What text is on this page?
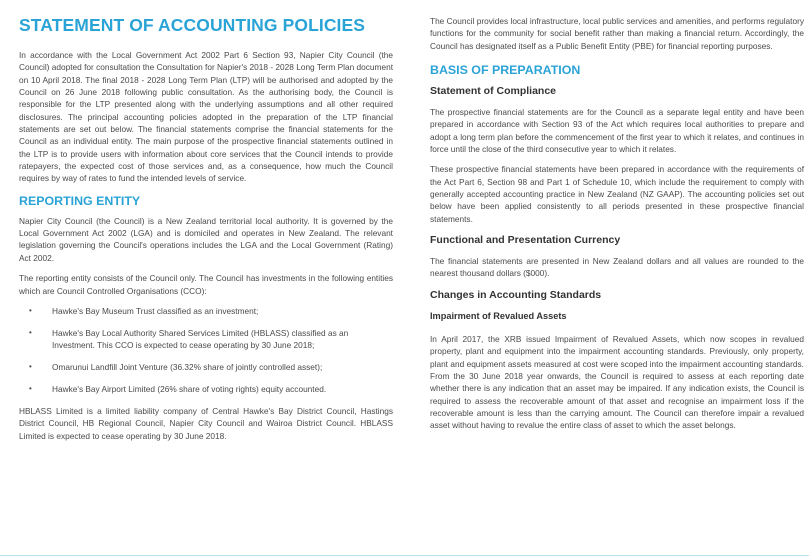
STATEMENT OF ACCOUNTING POLICIES

In accordance with the Local Government Act 2002 Part 6 Section 93, Napier City Council (the Council) adopted for consultation the Consultation for Napier's 2018 - 2028 Long Term Plan document on 10 April 2018. The final 2018 - 2028 Long Term Plan (LTP) will be authorised and adopted by the Council on 26 June 2018 following public consultation. As the authorising body, the Council is responsible for the LTP presented along with the underlying assumptions and all other required disclosures. The principal accounting policies adopted in the preparation of the LTP financial statements are set out below. The financial statements comprise the financial statements for the Council as an individual entity. The main purpose of the prospective financial statements outlined in the LTP is to provide users with information about core services that the Council intends to provide ratepayers, the expected cost of those services and, as a consequence, how much the Council requires by way of rates to fund the intended levels of service.

REPORTING ENTITY

Napier City Council (the Council) is a New Zealand territorial local authority. It is governed by the Local Government Act 2002 (LGA) and is domiciled and operates in New Zealand. The relevant legislation governing the Council's operations includes the LGA and the Local Government (Rating) Act 2002.

The reporting entity consists of the Council only. The Council has investments in the following entities which are Council Controlled Organisations (CCO):

• Hawke's Bay Museum Trust classified as an investment;
• Hawke's Bay Local Authority Shared Services Limited (HBLASS) classified as an Investment. This CCO is expected to cease operating by 30 June 2018;
• Omarunui Landfill Joint Venture (36.32% share of jointly controlled asset);
• Hawke's Bay Airport Limited (26% share of voting rights) equity accounted.

HBLASS Limited is a limited liability company of Central Hawke's Bay District Council, Hastings District Council, HB Regional Council, Napier City Council and Wairoa District Council. HBLASS Limited is expected to cease operating by 30 June 2018.

The Council provides local infrastructure, local public services and amenities, and performs regulatory functions for the community for social benefit rather than making a financial return. Accordingly, the Council has designated itself as a Public Benefit Entity (PBE) for financial reporting purposes.

BASIS OF PREPARATION
Statement of Compliance

The prospective financial statements are for the Council as a separate legal entity and have been prepared in accordance with Section 93 of the Act which requires local authorities to prepare and adopt a long term plan before the commencement of the first year to which it relates, and continues in force until the close of the third consecutive year to which it relates.

These prospective financial statements have been prepared in accordance with the requirements of the Act Part 6, Section 98 and Part 1 of Schedule 10, which include the requirement to comply with generally accepted accounting practice in New Zealand (NZ GAAP). The accounting policies set out below have been applied consistently to all periods presented in these prospective financial statements.

Functional and Presentation Currency

The financial statements are presented in New Zealand dollars and all values are rounded to the nearest thousand dollars ($000).

Changes in Accounting Standards
Impairment of Revalued Assets

In April 2017, the XRB issued Impairment of Revalued Assets, which now scopes in revalued property, plant and equipment into the impairment accounting standards. Previously, only property, plant and equipment assets measured at cost were scoped into the impairment accounting standards. From the 30 June 2018 year onwards, the Council is required to assess at each reporting date whether there is any indication that an asset may be impaired. If any indication exists, the Council is required to assess the recoverable amount of that asset and recognise an impairment loss if the recoverable amount is less than the carrying amount. The Council can therefore impair a revalued asset without having to revalue the entire class of asset to which the asset belongs.
